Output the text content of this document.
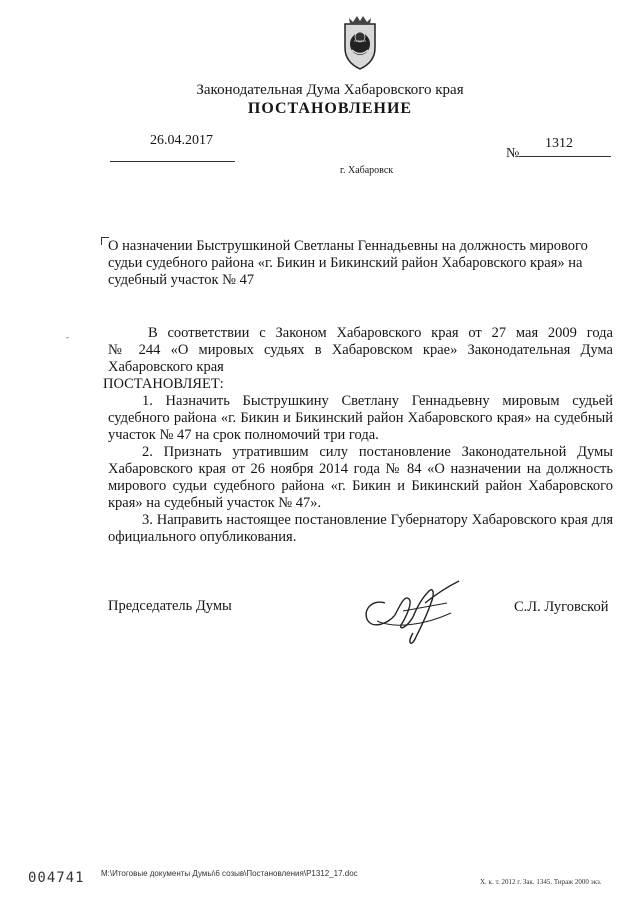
Законодательная Дума Хабаровского края
ПОСТАНОВЛЕНИЕ
26.04.2017
№
1312
г. Хабаровск
О назначении Быструшкиной Светланы Геннадьевны на должность мирового судьи судебного района «г. Бикин и Бикинский район Хабаровского края» на судебный участок № 47
-	В соответствии с Законом Хабаровского края от 27 мая 2009 года
№ 244 «О мировых судьях в Хабаровском крае» Законодательная Дума
Хабаровского края
ПОСТАНОВЛЯЕТ:
1. Назначить Быструшкину Светлану Геннадьевну мировым судьей
судебного района «г. Бикин и Бикинский район Хабаровского края» на судебный
участок № 47 на срок полномочий три года.
2. Признать утратившим силу постановление Законодательной Думы
Хабаровского края от 26 ноября 2014 года № 84 «О назначении на должность
мирового судьи судебного района «г. Бикин и Бикинский район Хабаровского
края» на судебный участок № 47».
3. Направить настоящее постановление Губернатору Хабаровского края для
официального опубликования.
Председатель Думы	С.Л. Луговской
004741 M:\Итоговые документы Думы\6 созыв\Постановления\P1312_17.doc
Х. к. т. 2012 г. Зак. 1345. Тираж 2000 экз.
